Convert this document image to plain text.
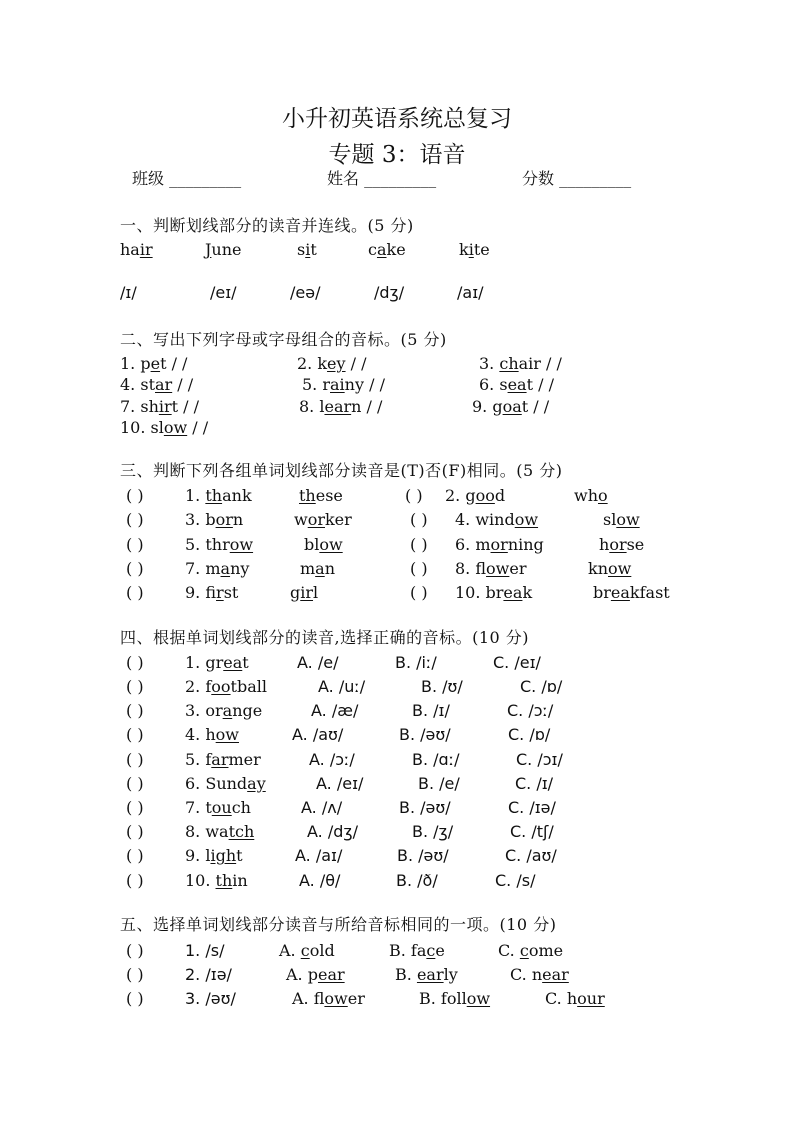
小升初英语系统总复习
专题 3：语音
班级 _________	姓名 _________	分数 _________
一、判断划线部分的读音并连线。(5 分)
hair	June	sit	cake	kite
/ɪ/	/eɪ/	/eə/	/dʒ/	/aɪ/
二、写出下列字母或字母组合的音标。(5 分)
1. pet / /	2. key / /	3. chair / /
4. star / /	5. rainy / /	6. seat / /
7. shirt / /	8. learn / /	9. goat / /
10. slow / /
三、判断下列各组单词划线部分读音是(T)否(F)相同。(5 分)
( )	1. thank	these	( ) 2. good	who
( )	3. born	worker	( ) 4. window	slow
( )	5. throw	blow	( ) 6. morning	horse
( )	7. many	man	( ) 8. flower	know
( )	9. first	girl	( ) 10. break	breakfast
四、根据单词划线部分的读音,选择正确的音标。(10 分)
( )	1. great	A. /e/	B. /iː/	C. /eɪ/
( )	2. football	A. /uː/	B. /ʊ/	C. /ɒ/
( )	3. orange	A. /æ/	B. /ɪ/	C. /ɔː/
( )	4. how	A. /aʊ/	B. /əʊ/	C. /ɒ/
( )	5. farmer	A. /ɔː/	B. /ɑː/	C. /ɔɪ/
( )	6. Sunday	A. /eɪ/	B. /e/	C. /ɪ/
( )	7. touch	A. /ʌ/	B. /əʊ/	C. /ɪə/
( )	8. watch	A. /dʒ/	B. /ʒ/	C. /tʃ/
( )	9. light	A. /aɪ/	B. /əʊ/	C. /aʊ/
( )	10. thin	A. /θ/	B. /ð/	C. /s/
五、选择单词划线部分读音与所给音标相同的一项。(10 分)
( )	1. /s/	A. cold	B. face	C. come
( )	2. /ɪə/	A. pear	B. early	C. near
( )	3. /əʊ/	A. flower	B. follow	C. hour
